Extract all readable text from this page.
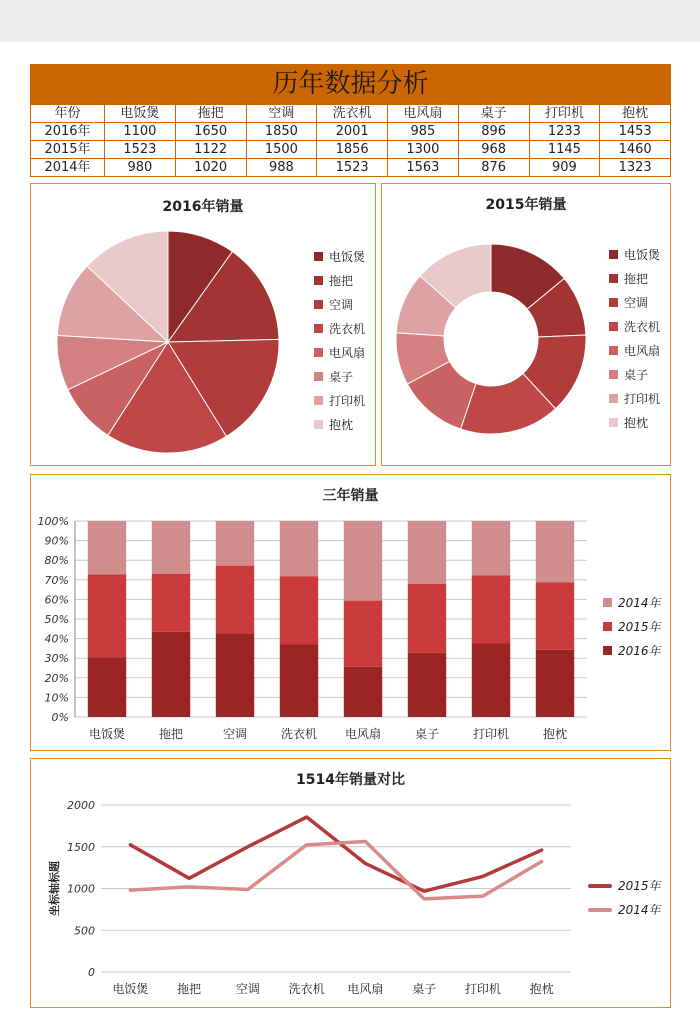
历年数据分析
年份	电饭煲	拖把	空调	洗衣机	电风扇	桌子	打印机	抱枕
2016年	1100	1650	1850	2001	985	896	1233	1453
2015年	1523	1122	1500	1856	1300	968	1145	1460
2014年	980	1020	988	1523	1563	876	909	1323
2016年销量
电饭煲
拖把
空调
洗衣机
电风扇
桌子
打印机
抱枕
2015年销量
电饭煲
拖把
空调
洗衣机
电风扇
桌子
打印机
抱枕
三年销量
0%
10%
20%
30%
40%
50%
60%
70%
80%
90%
100%
电饭煲	拖把	空调	洗衣机 电风扇	桌子	打印机	抱枕
2014年
2015年
2016年
1514年销量对比
0
500
1000
1500
2000
坐标轴标题
电饭煲 拖把	空调 洗衣机 电风扇 桌子 打印机 抱枕
2015年
2014年
